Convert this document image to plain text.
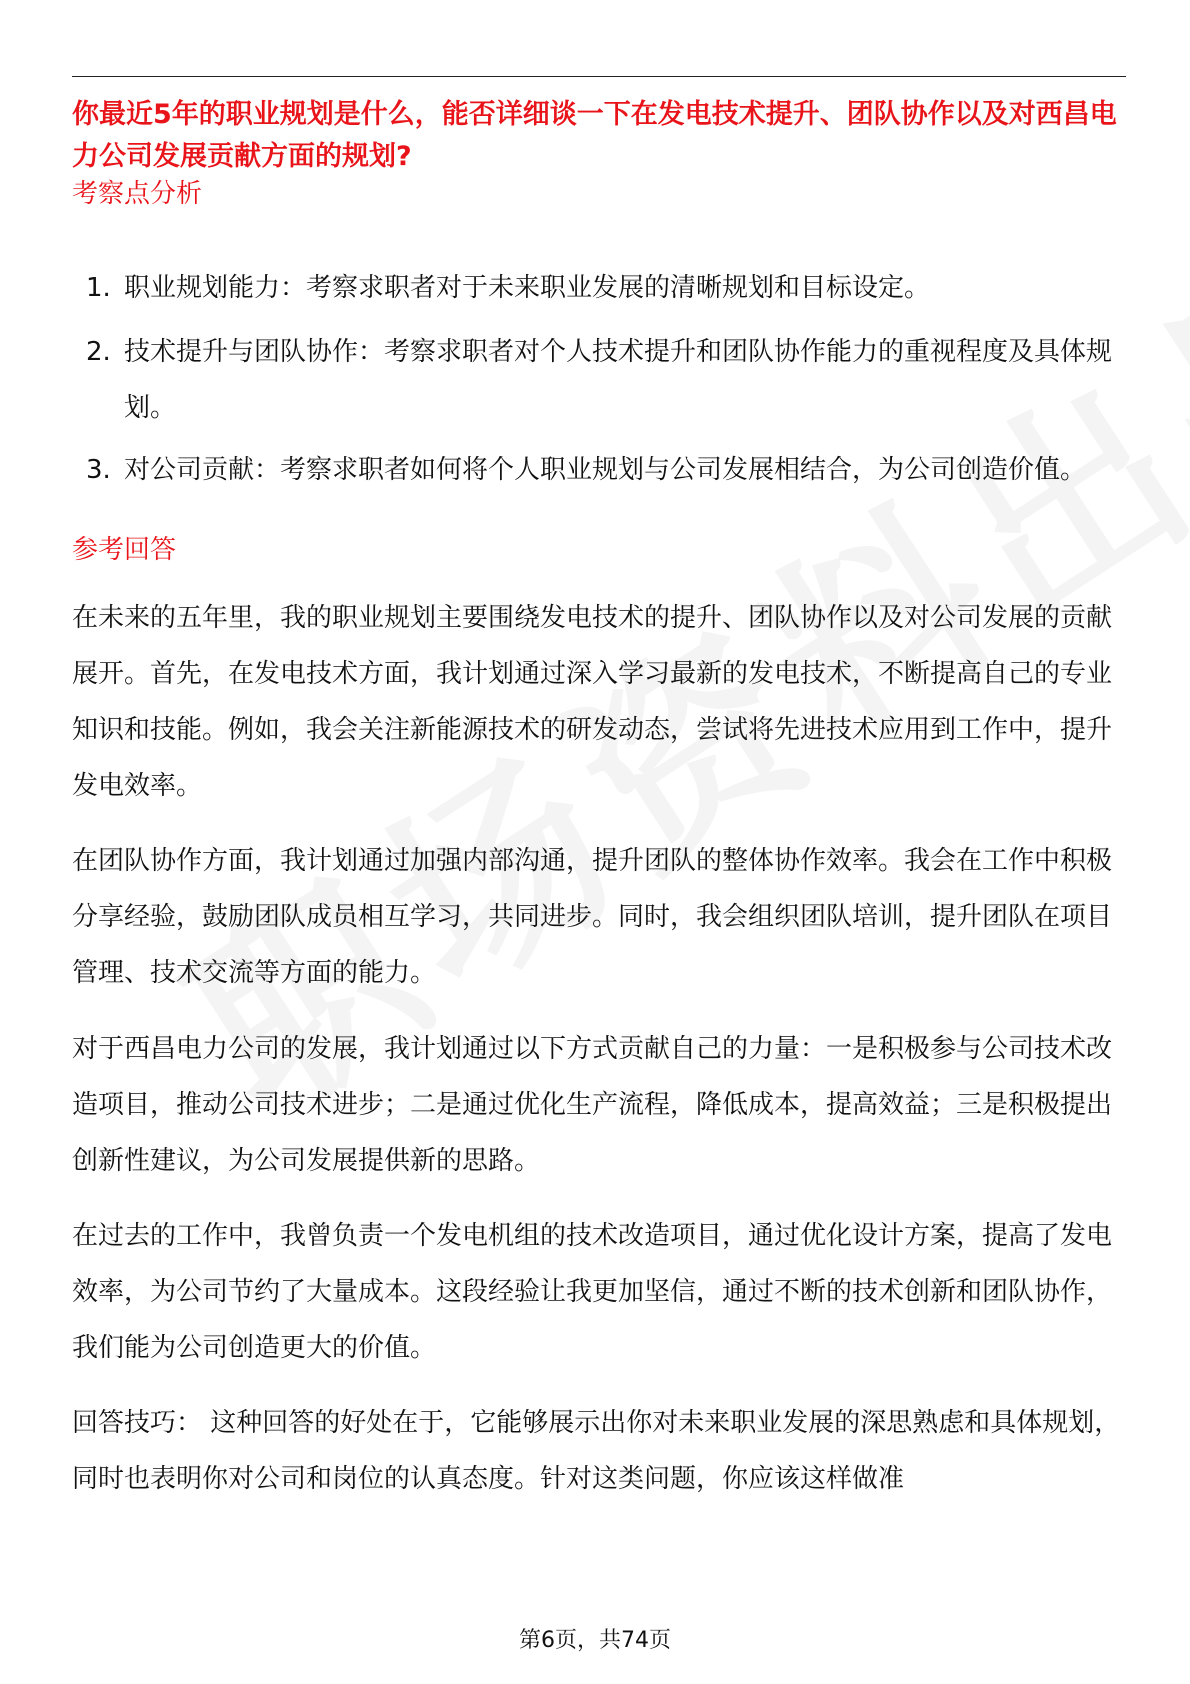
你最近5年的职业规划是什么，能否详细谈一下在发电技术提升、团队协作以及对西昌电力公司发展贡献方面的规划?
考察点分析
1. 职业规划能力：考察求职者对于未来职业发展的清晰规划和目标设定。
2. 技术提升与团队协作：考察求职者对个人技术提升和团队协作能力的重视程度及具体规划。
3. 对公司贡献：考察求职者如何将个人职业规划与公司发展相结合，为公司创造价值。
参考回答

在未来的五年里，我的职业规划主要围绕发电技术的提升、团队协作以及对公司发展的贡献展开。首先，在发电技术方面，我计划通过深入学习最新的发电技术，不断提高自己的专业知识和技能。例如，我会关注新能源技术的研发动态，尝试将先进技术应用到工作中，提升发电效率。

在团队协作方面，我计划通过加强内部沟通，提升团队的整体协作效率。我会在工作中积极分享经验，鼓励团队成员相互学习，共同进步。同时，我会组织团队培训，提升团队在项目管理、技术交流等方面的能力。

对于西昌电力公司的发展，我计划通过以下方式贡献自己的力量：一是积极参与公司技术改造项目，推动公司技术进步；二是通过优化生产流程，降低成本，提高效益；三是积极提出创新性建议，为公司发展提供新的思路。

在过去的工作中，我曾负责一个发电机组的技术改造项目，通过优化设计方案，提高了发电效率，为公司节约了大量成本。这段经验让我更加坚信，通过不断的技术创新和团队协作，我们能为公司创造更大的价值。

回答技巧： 这种回答的好处在于，它能够展示出你对未来职业发展的深思熟虑和具体规划，同时也表明你对公司和岗位的认真态度。针对这类问题，你应该这样做准

第6页，共74页
